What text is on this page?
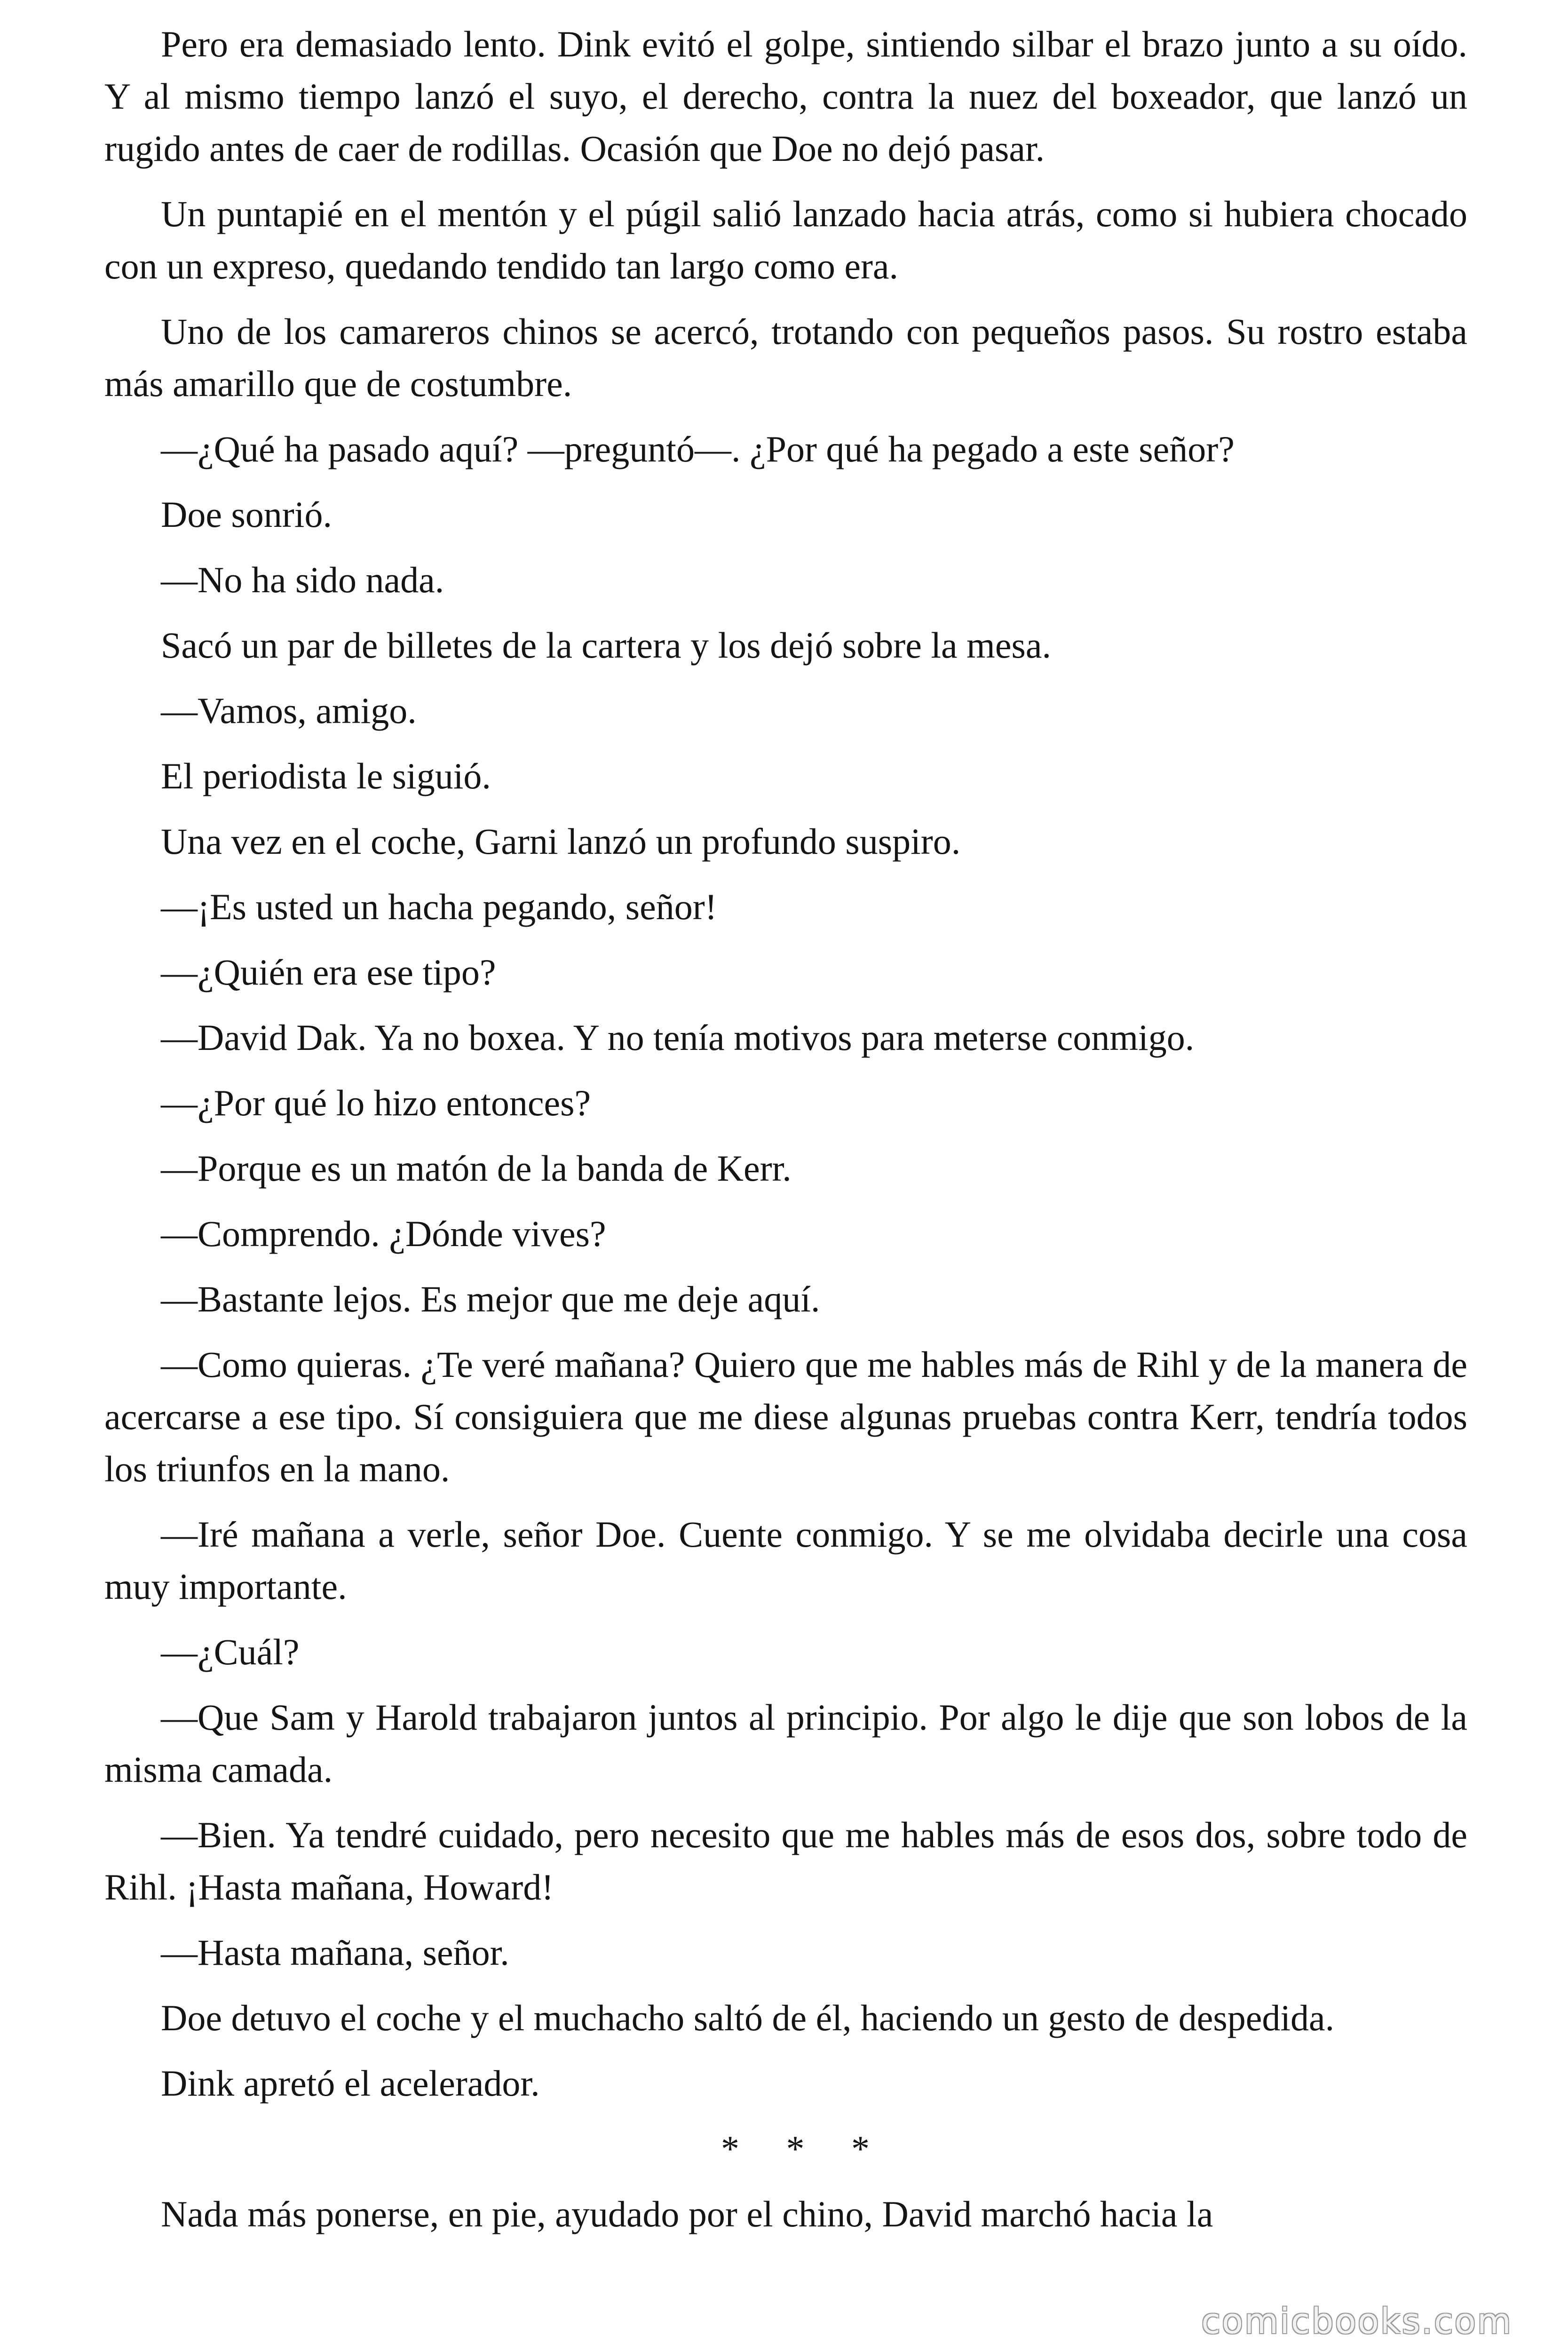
Pero era demasiado lento. Dink evitó el golpe, sintiendo silbar el brazo junto a su oído. Y al mismo tiempo lanzó el suyo, el derecho, contra la nuez del boxeador, que lanzó un rugido antes de caer de rodillas. Ocasión que Doe no dejó pasar.

Un puntapié en el mentón y el púgil salió lanzado hacia atrás, como si hubiera chocado con un expreso, quedando tendido tan largo como era.

Uno de los camareros chinos se acercó, trotando con pequeños pasos. Su rostro estaba más amarillo que de costumbre.

—¿Qué ha pasado aquí? —preguntó—. ¿Por qué ha pegado a este señor?

Doe sonrió.

—No ha sido nada.

Sacó un par de billetes de la cartera y los dejó sobre la mesa.

—Vamos, amigo.

El periodista le siguió.

Una vez en el coche, Garni lanzó un profundo suspiro.

—¡Es usted un hacha pegando, señor!

—¿Quién era ese tipo?

—David Dak. Ya no boxea. Y no tenía motivos para meterse conmigo.

—¿Por qué lo hizo entonces?

—Porque es un matón de la banda de Kerr.

—Comprendo. ¿Dónde vives?

—Bastante lejos. Es mejor que me deje aquí.

—Como quieras. ¿Te veré mañana? Quiero que me hables más de Rihl y de la manera de acercarse a ese tipo. Sí consiguiera que me diese algunas pruebas contra Kerr, tendría todos los triunfos en la mano.

—Iré mañana a verle, señor Doe. Cuente conmigo. Y se me olvidaba decirle una cosa muy importante.

—¿Cuál?

—Que Sam y Harold trabajaron juntos al principio. Por algo le dije que son lobos de la misma camada.

—Bien. Ya tendré cuidado, pero necesito que me hables más de esos dos, sobre todo de Rihl. ¡Hasta mañana, Howard!

—Hasta mañana, señor.

Doe detuvo el coche y el muchacho saltó de él, haciendo un gesto de despedida.

Dink apretó el acelerador.

* * *

Nada más ponerse, en pie, ayudado por el chino, David marchó hacia la

comicbooks.com
